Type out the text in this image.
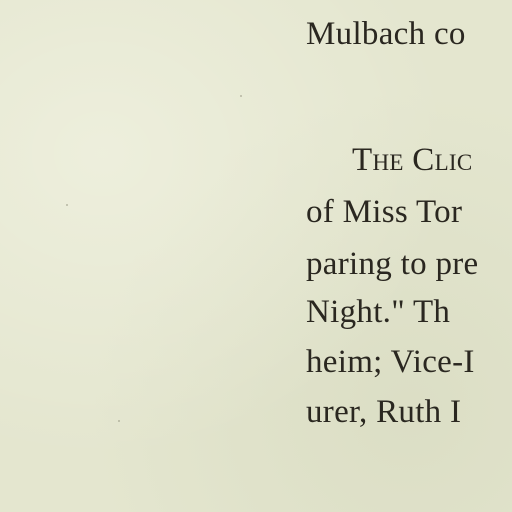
Mulbach co
The Clic
of Miss Tor
paring to pre
Night." Th
heim; Vice-I
urer, Ruth I
